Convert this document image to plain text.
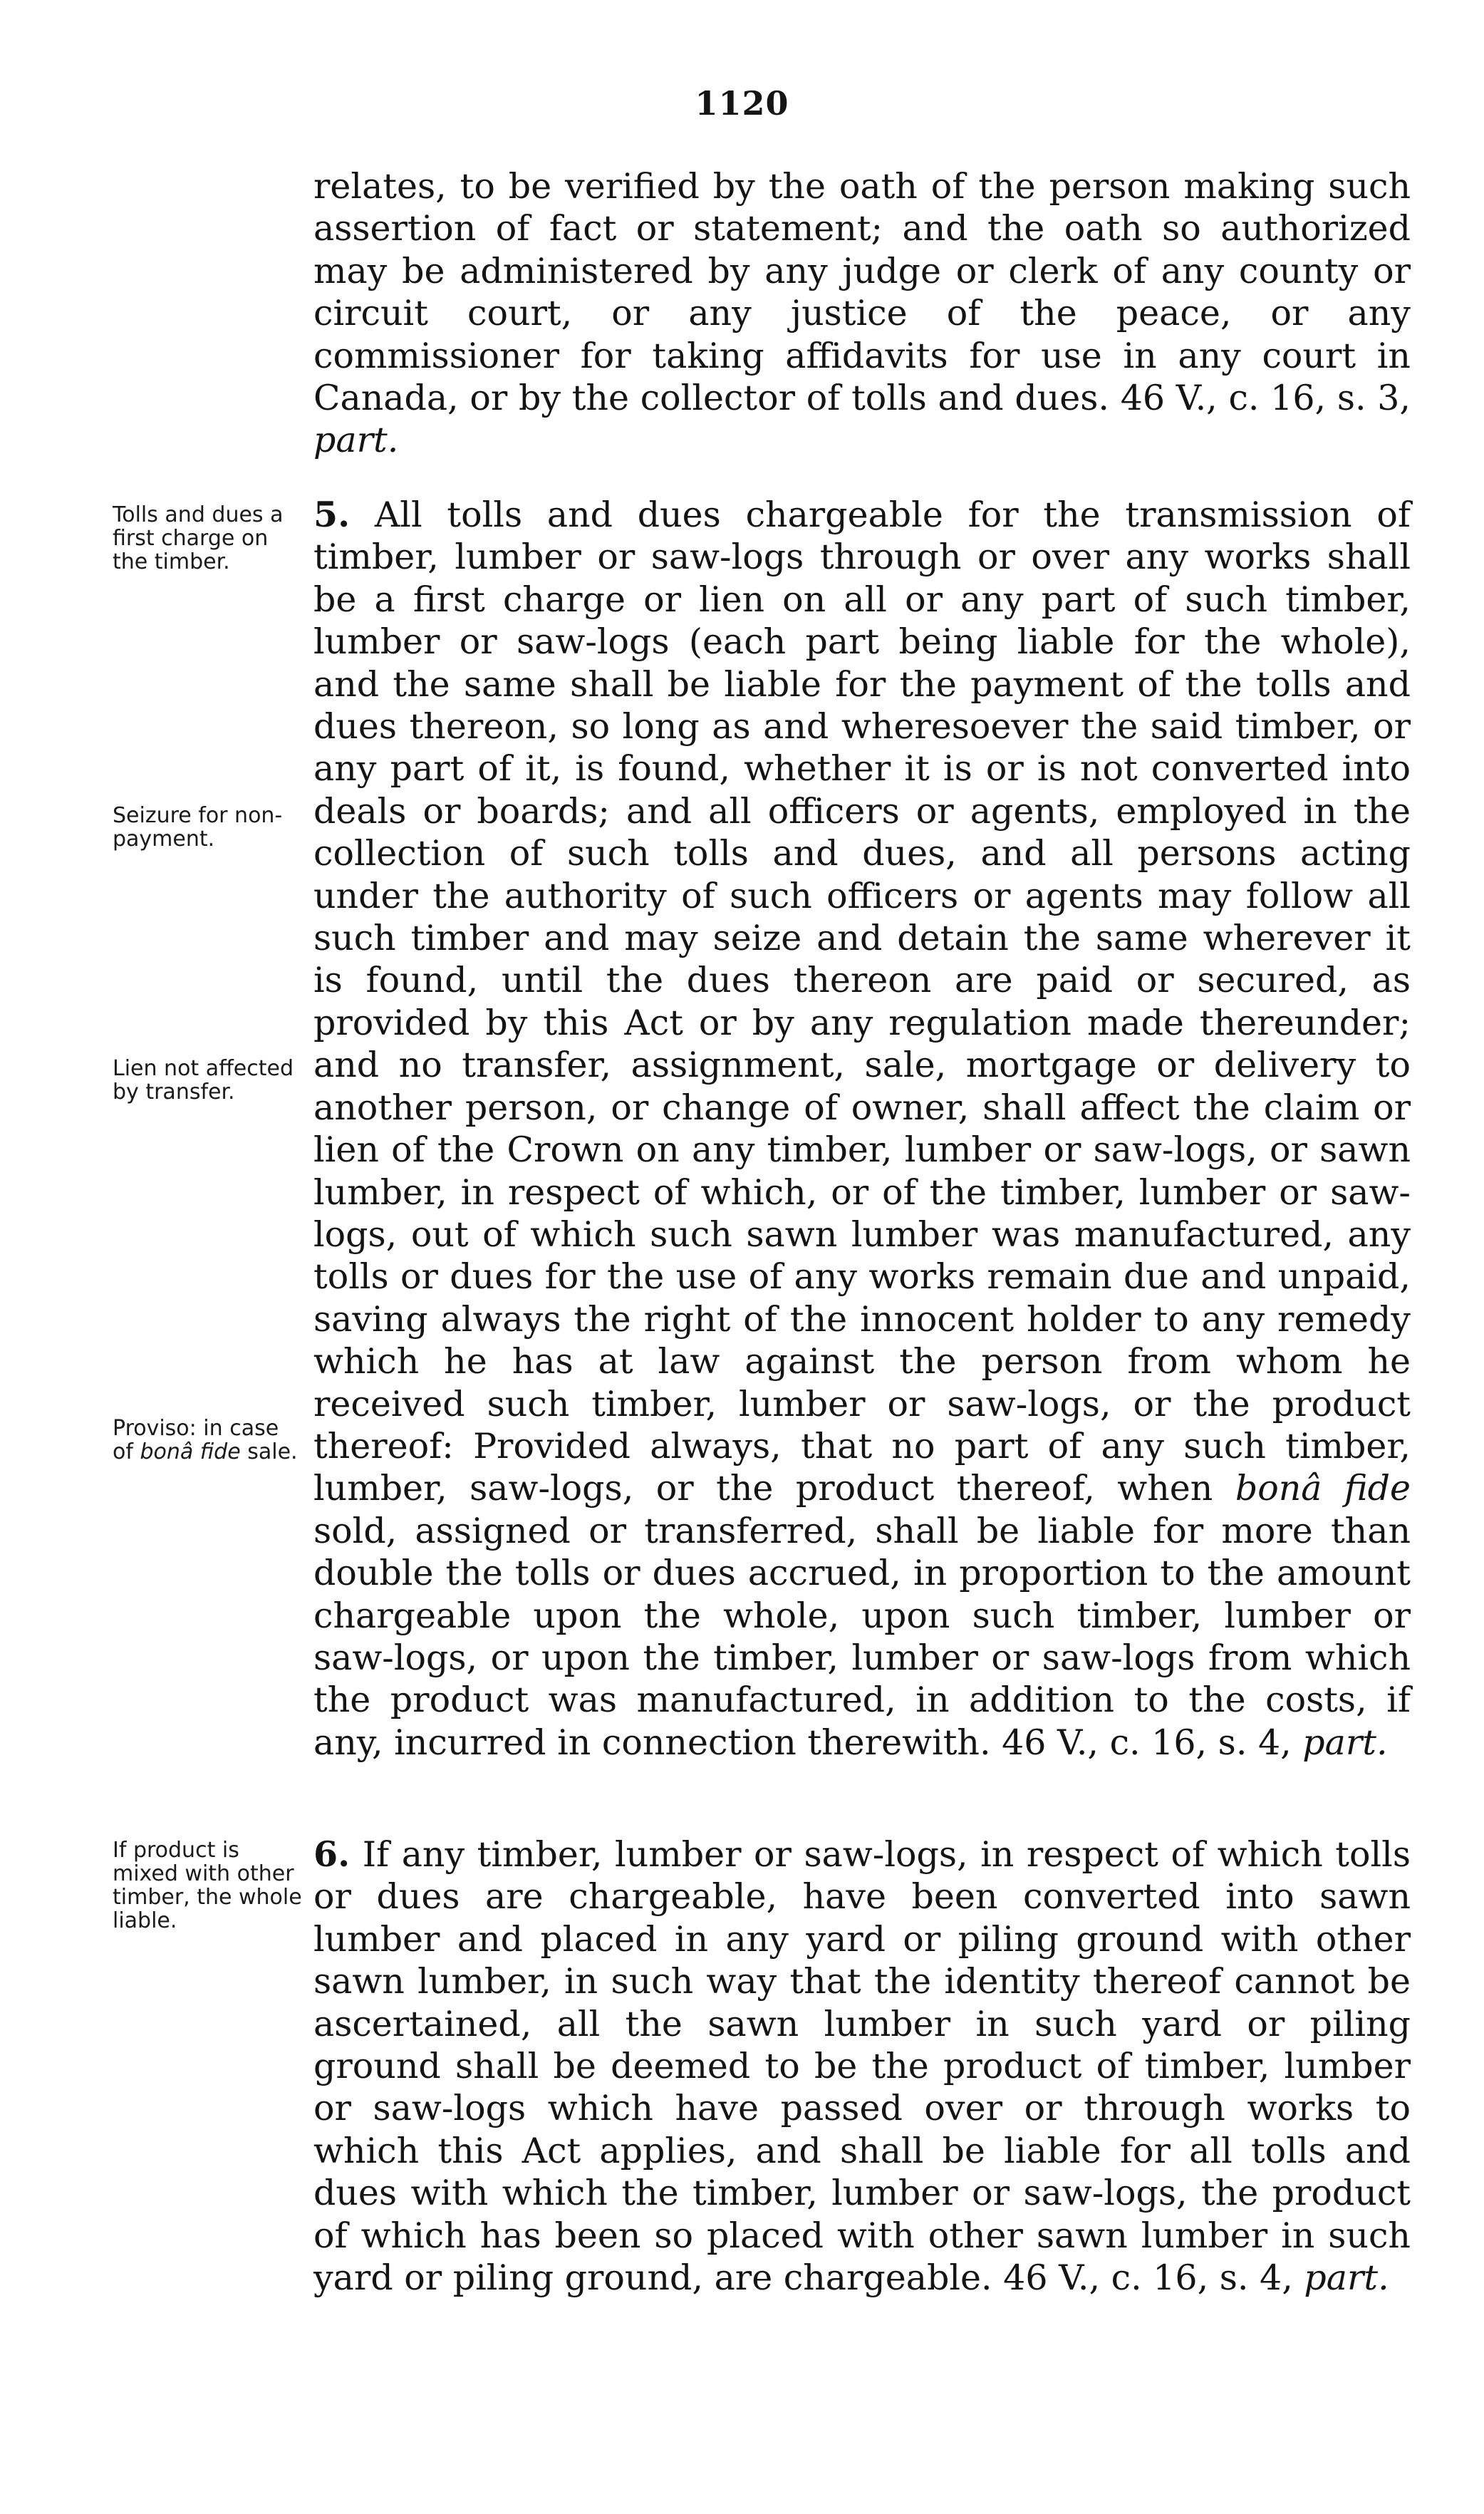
1120

relates, to be verified by the oath of the person making such assertion of fact or statement; and the oath so authorized may be administered by any judge or clerk of any county or circuit court, or any justice of the peace, or any commissioner for taking affidavits for use in any court in Canada, or by the collector of tolls and dues. 46 V., c. 16, s. 3, part.

5. All tolls and dues chargeable for the transmission of timber, lumber or saw-logs through or over any works shall be a first charge or lien on all or any part of such timber, lumber or saw-logs (each part being liable for the whole), and the same shall be liable for the payment of the tolls and dues thereon, so long as and wheresoever the said timber, or any part of it, is found, whether it is or is not converted into deals or boards; and all officers or agents, employed in the collection of such tolls and dues, and all persons acting under the authority of such officers or agents may follow all such timber and may seize and detain the same wherever it is found, until the dues thereon are paid or secured, as provided by this Act or by any regulation made thereunder; and no transfer, assignment, sale, mortgage or delivery to another person, or change of owner, shall affect the claim or lien of the Crown on any timber, lumber or saw-logs, or sawn lumber, in respect of which, or of the timber, lumber or saw-logs, out of which such sawn lumber was manufactured, any tolls or dues for the use of any works remain due and unpaid, saving always the right of the innocent holder to any remedy which he has at law against the person from whom he received such timber, lumber or saw-logs, or the product thereof: Provided always, that no part of any such timber, lumber, saw-logs, or the product thereof, when bonâ fide sold, assigned or transferred, shall be liable for more than double the tolls or dues accrued, in proportion to the amount chargeable upon the whole, upon such timber, lumber or saw-logs, or upon the timber, lumber or saw-logs from which the product was manufactured, in addition to the costs, if any, incurred in connection therewith. 46 V., c. 16, s. 4, part.

6. If any timber, lumber or saw-logs, in respect of which tolls or dues are chargeable, have been converted into sawn lumber and placed in any yard or piling ground with other sawn lumber, in such way that the identity thereof cannot be ascertained, all the sawn lumber in such yard or piling ground shall be deemed to be the product of timber, lumber or saw-logs which have passed over or through works to which this Act applies, and shall be liable for all tolls and dues with which the timber, lumber or saw-logs, the product of which has been so placed with other sawn lumber in such yard or piling ground, are chargeable. 46 V., c. 16, s. 4, part.

Tolls and dues a first charge on the timber.
Seizure for non-payment.
Lien not affected by transfer.
Proviso: in case of bonâ fide sale.
If product is mixed with other timber, the whole liable.
